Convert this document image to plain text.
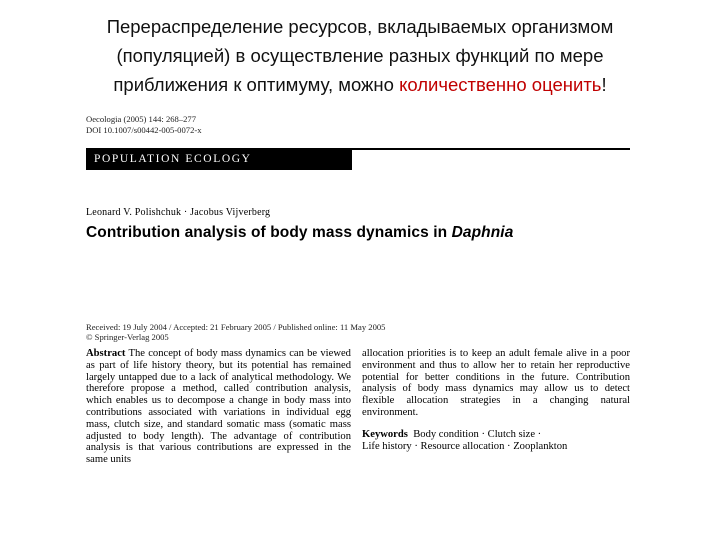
Перераспределение ресурсов, вкладываемых организмом
(популяцией) в осуществление разных функций по мере
приближения к оптимуму, можно количественно оценить!
Oecologia (2005) 144: 268–277
DOI 10.1007/s00442-005-0072-x
POPULATION ECOLOGY
Leonard V. Polishchuk · Jacobus Vijverberg
Contribution analysis of body mass dynamics in Daphnia
Received: 19 July 2004 / Accepted: 21 February 2005 / Published online: 11 May 2005
© Springer-Verlag 2005
Abstract The concept of body mass dynamics can be viewed as part of life history theory, but its potential has remained largely untapped due to a lack of analytical methodology. We therefore propose a method, called contribution analysis, which enables us to decompose a change in body mass into contributions associated with variations in individual egg mass, clutch size, and standard somatic mass (somatic mass adjusted to body length). The advantage of contribution analysis is that various contributions are expressed in the same units
allocation priorities is to keep an adult female alive in a poor environment and thus to allow her to retain her reproductive potential for better conditions in the future. Contribution analysis of body mass dynamics may allow us to detect flexible allocation strategies in a changing natural environment.
Keywords Body condition · Clutch size ·
Life history · Resource allocation · Zooplankton
